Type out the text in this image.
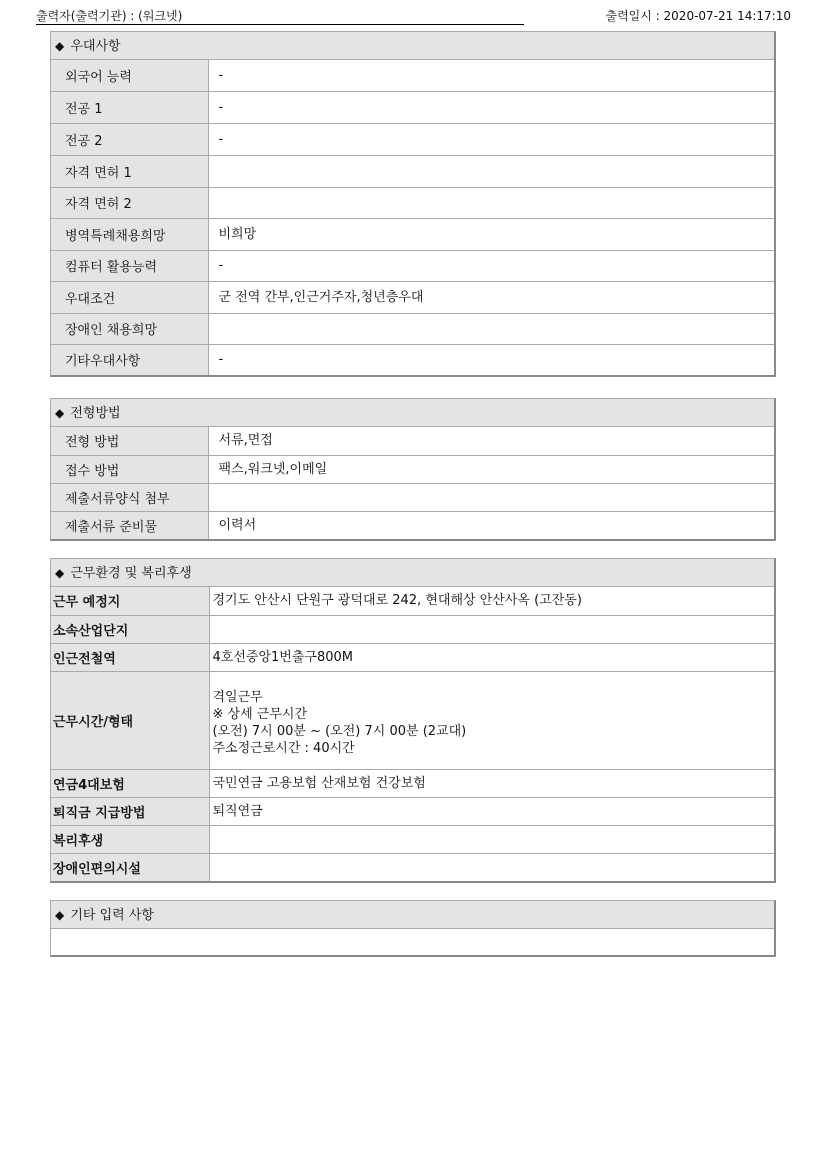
출력자(출력기관) : (워크넷)	출력일시 : 2020-07-21 14:17:10
◆ 우대사항
외국어 능력	-
전공 1	-
전공 2	-
자격 면허 1	
자격 면허 2	
병역특례채용희망	비희망
컴퓨터 활용능력	-
우대조건	군 전역 간부,인근거주자,청년층우대
장애인 채용희망	
기타우대사항	-
◆ 전형방법
전형 방법	서류,면접
접수 방법	팩스,워크넷,이메일
제출서류양식 첨부	
제출서류 준비물	이력서
◆ 근무환경 및 복리후생
근무 예정지	경기도 안산시 단원구 광덕대로 242, 현대해상 안산사옥 (고잔동)
소속산업단지	
인근전철역	4호선중앙1번출구800M
근무시간/형태	격일근무
※ 상세 근무시간
(오전) 7시 00분 ~ (오전) 7시 00분 (2교대)
주소정근로시간 : 40시간

연금4대보험	국민연금 고용보험 산재보험 건강보험
퇴직금 지급방법	퇴직연금
복리후생	
장애인편의시설	
◆ 기타 입력 사항
